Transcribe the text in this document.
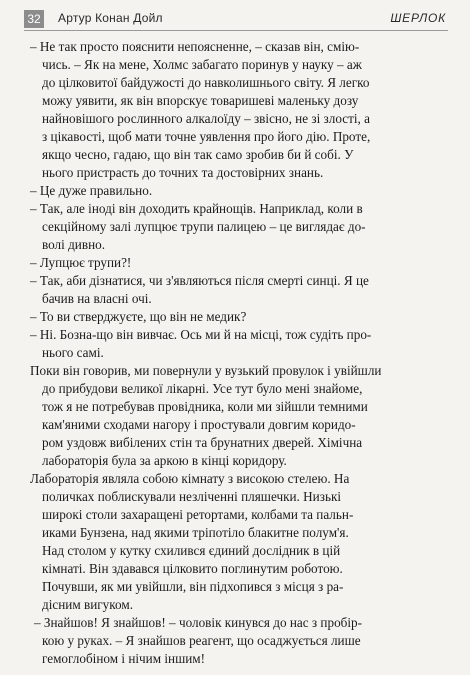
32 Артур Конан Дойл	ШЕРЛОК
– Не так просто пояснити непоясненне, – сказав він, смію-
чись. – Як на мене, Холмс забагато поринув у науку – аж
до цілковитої байдужості до навколишнього світу. Я легко
можу уявити, як він впорскує товаришеві маленьку дозу
найновішого рослинного алкалоїду – звісно, не зі злості, а
з цікавості, щоб мати точне уявлення про його дію. Проте,
якщо чесно, гадаю, що він так само зробив би й собі. У
нього пристрасть до точних та достовірних знань.
– Це дуже правильно.
– Так, але іноді він доходить крайнощів. Наприклад, коли в
секційному залі лупцює трупи палицею – це виглядає до-
волі дивно.
– Лупцює трупи?!
– Так, аби дізнатися, чи з'являються після смерті синці. Я це
бачив на власні очі.
– То ви стверджуєте, що він не медик?
– Ні. Бозна-що він вивчає. Ось ми й на місці, тож судіть про-
нього самі.
Поки він говорив, ми повернули у вузький провулок і увійшли
до прибудови великої лікарні. Усе тут було мені знайоме,
тож я не потребував провідника, коли ми зійшли темними
кам'яними сходами нагору і простували довгим коридо-
ром уздовж вибілених стін та брунатних дверей. Хімічна
лабораторія була за аркою в кінці коридору.
Лабораторія являла собою кімнату з високою стелею. На
поличках поблискували незліченні пляшечки. Низькі
широкі столи захаращені ретортами, колбами та пальн-
иками Бунзена, над якими тріпотіло блакитне полум'я.
Над столом у кутку схилився єдиний дослідник в цій
кімнаті. Він здавався цілковито поглинутим роботою.
Почувши, як ми увійшли, він підхопився з місця з ра-
дісним вигуком.
– Знайшов! Я знайшов! – чоловік кинувся до нас з пробір-
кою у руках. – Я знайшов реагент, що осаджується лише
гемоглобіном і нічим іншим!
